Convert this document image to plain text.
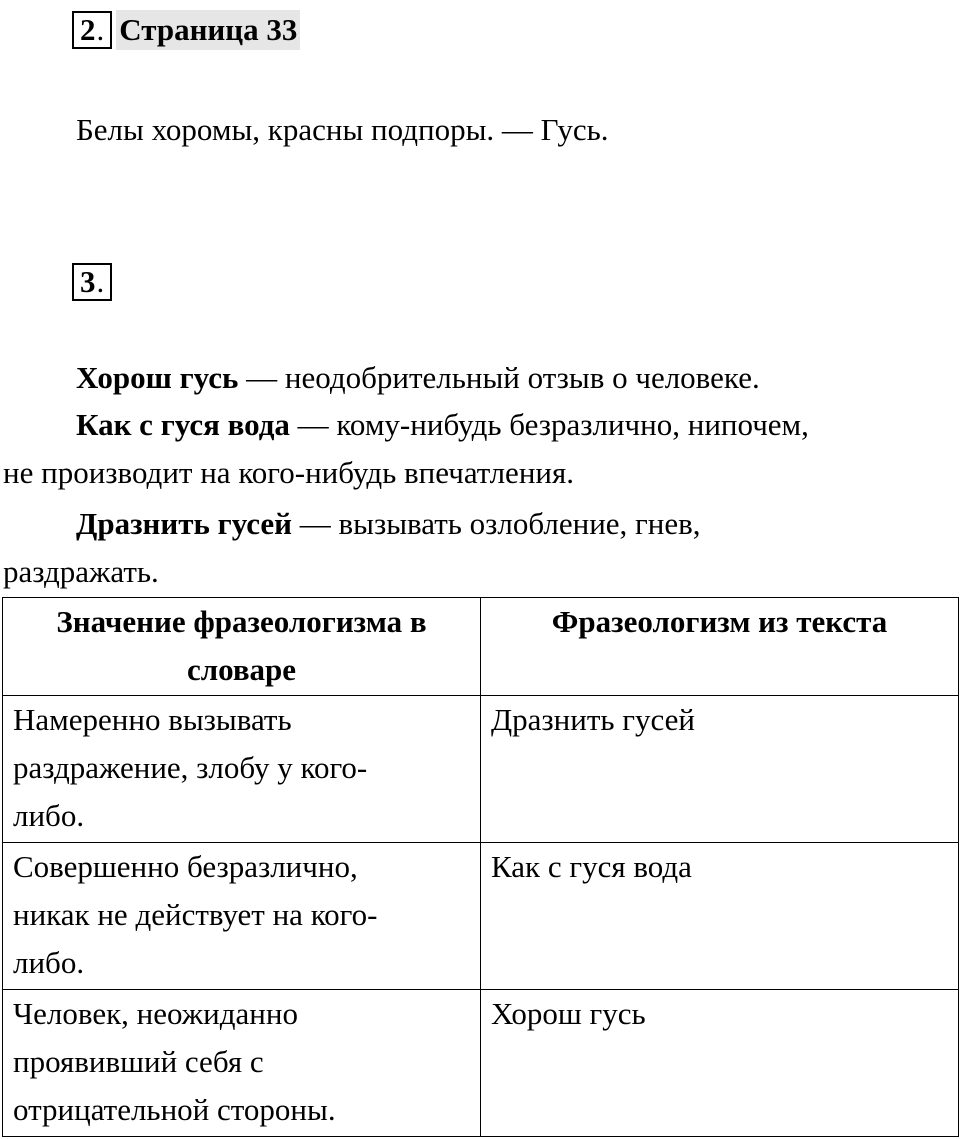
2. Страница 33
Белы хоромы, красны подпоры. — Гусь.
3.
Хорош гусь — неодобрительный отзыв о человеке.
Как с гуся вода — кому-нибудь безразлично, нипочем,
не производит на кого-нибудь впечатления.
Дразнить гусей — вызывать озлобление, гнев,
раздражать.
Значение фразеологизма в
словаре	Фразеологизм из текста

Намеренно вызывать
раздражение, злобу у кого-
либо.	Дразнить гусей

Совершенно безразлично,
никак не действует на кого-
либо.	Как с гуся вода

Человек, неожиданно
проявивший себя с
отрицательной стороны.	Хорош гусь
